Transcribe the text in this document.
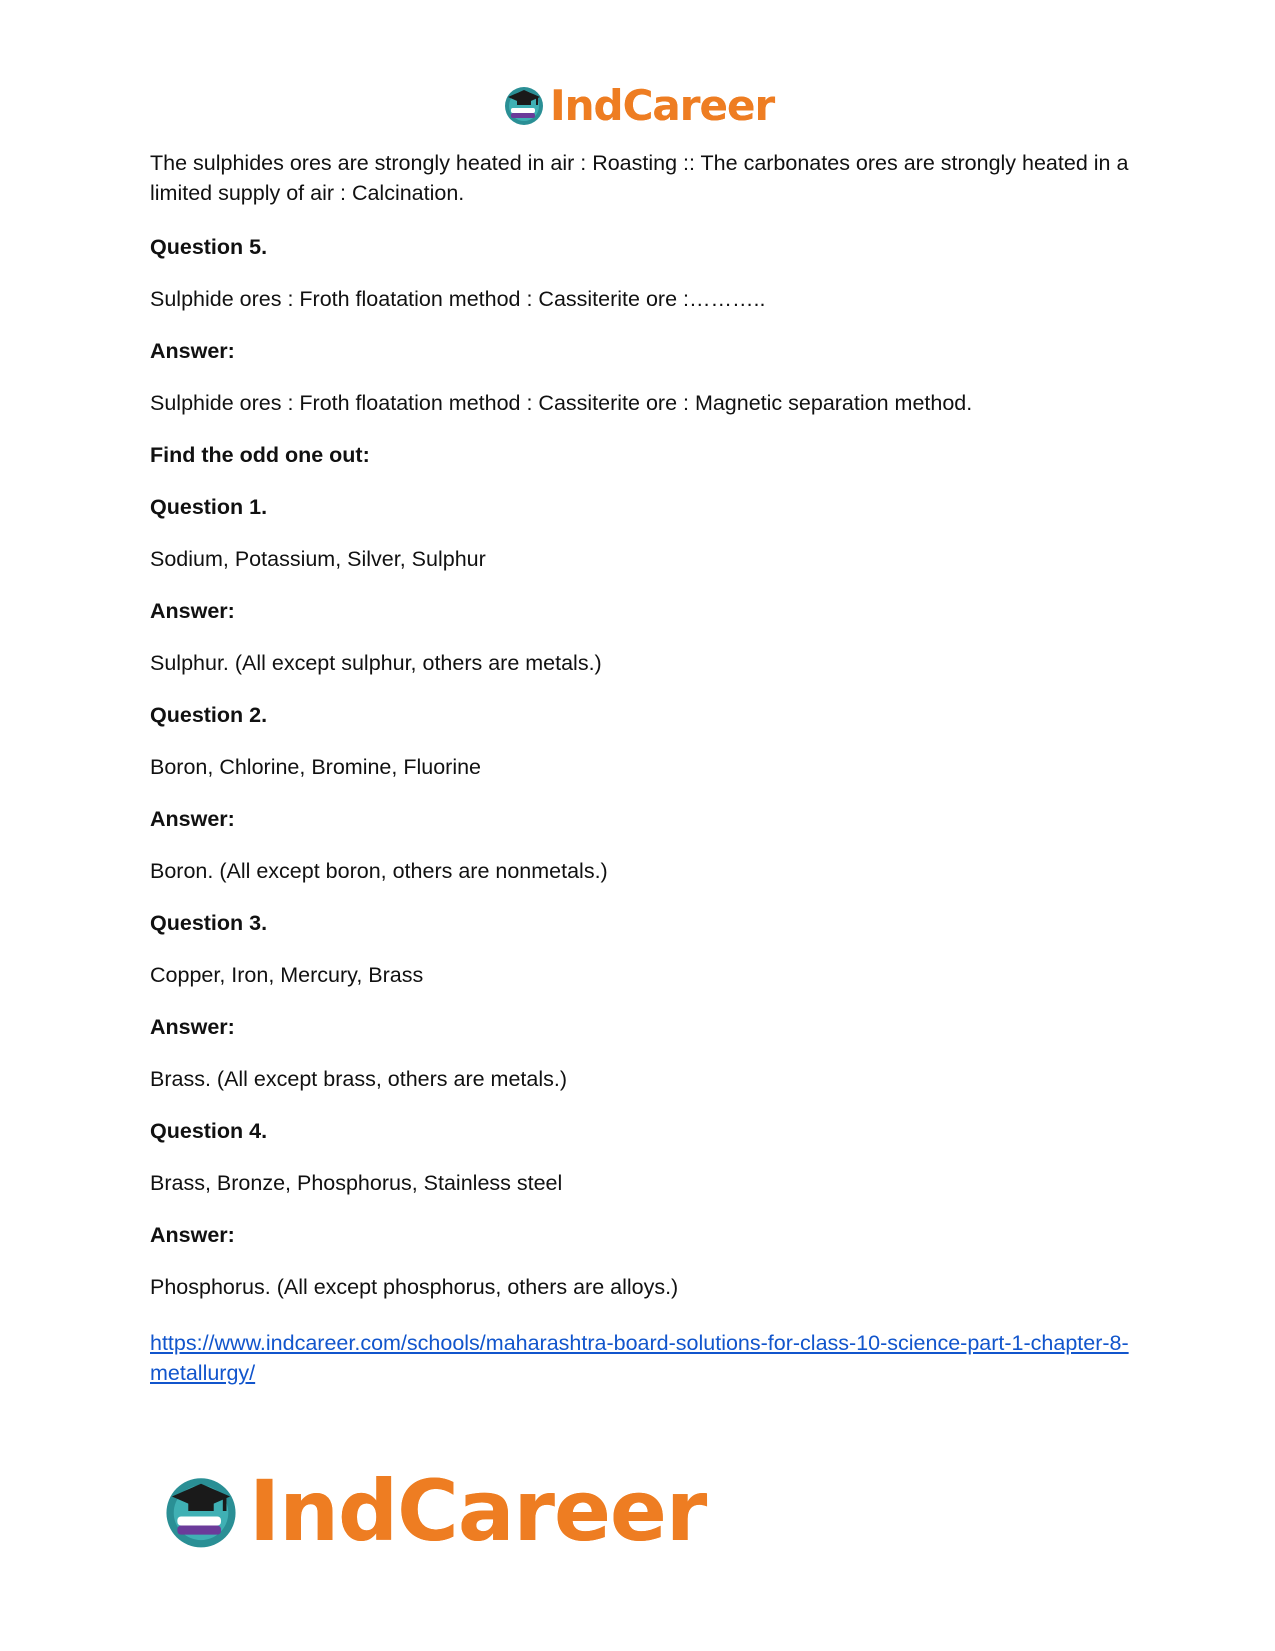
IndCareer

The sulphides ores are strongly heated in air : Roasting :: The carbonates ores are strongly heated in a limited supply of air : Calcination.

Question 5.

Sulphide ores : Froth floatation method : Cassiterite ore :………..

Answer:

Sulphide ores : Froth floatation method : Cassiterite ore : Magnetic separation method.

Find the odd one out:

Question 1.

Sodium, Potassium, Silver, Sulphur

Answer:

Sulphur. (All except sulphur, others are metals.)

Question 2.

Boron, Chlorine, Bromine, Fluorine

Answer:

Boron. (All except boron, others are nonmetals.)

Question 3.

Copper, Iron, Mercury, Brass

Answer:

Brass. (All except brass, others are metals.)

Question 4.

Brass, Bronze, Phosphorus, Stainless steel

Answer:

Phosphorus. (All except phosphorus, others are alloys.)

https://www.indcareer.com/schools/maharashtra-board-solutions-for-class-10-science-part-1-chapter-8-metallurgy/

IndCareer
